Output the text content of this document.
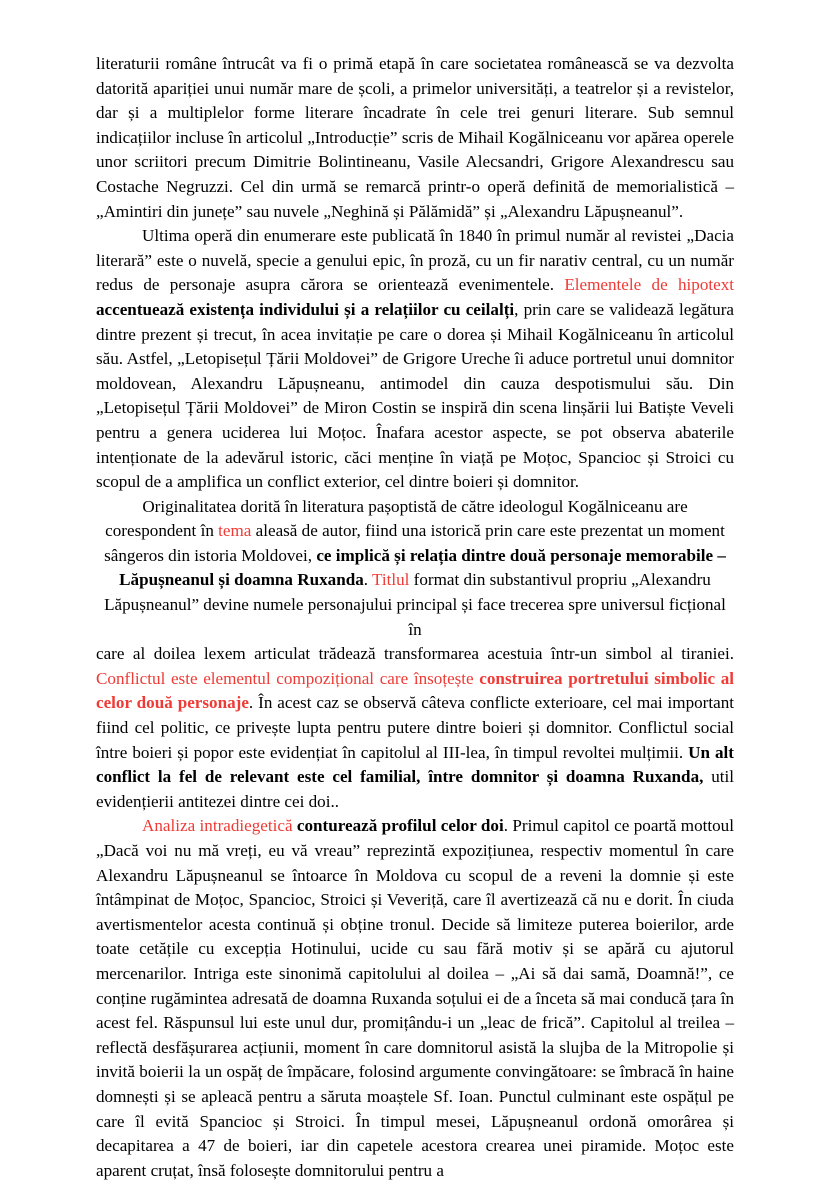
literaturii române întrucât va fi o primă etapă în care societatea românească se va dezvolta datorită apariției unui număr mare de școli, a primelor universități, a teatrelor și a revistelor, dar și a multiplelor forme literare încadrate în cele trei genuri literare. Sub semnul indicațiilor incluse în articolul „Introducție” scris de Mihail Kogălniceanu vor apărea operele unor scriitori precum Dimitrie Bolintineanu, Vasile Alecsandri, Grigore Alexandrescu sau Costache Negruzzi. Cel din urmă se remarcă printr-o operă definită de memorialistică – „Amintiri din junețe” sau nuvele „Neghină și Pălămidă” și „Alexandru Lăpușneanul”.

Ultima operă din enumerare este publicată în 1840 în primul număr al revistei „Dacia literară” este o nuvelă, specie a genului epic, în proză, cu un fir narativ central, cu un număr redus de personaje asupra cărora se orientează evenimentele. Elementele de hipotext accentuează existența individului și a relațiilor cu ceilalți, prin care se validează legătura dintre prezent și trecut, în acea invitație pe care o dorea și Mihail Kogălniceanu în articolul său. Astfel, „Letopisețul Țării Moldovei” de Grigore Ureche îi aduce portretul unui domnitor moldovean, Alexandru Lăpușneanu, antimodel din cauza despotismului său. Din „Letopisețul Țării Moldovei” de Miron Costin se inspiră din scena linșării lui Batiște Veveli pentru a genera uciderea lui Moțoc. Înafara acestor aspecte, se pot observa abaterile intenționate de la adevărul istoric, căci menține în viață pe Moțoc, Spancioc și Stroici cu scopul de a amplifica un conflict exterior, cel dintre boieri și domnitor.

Originalitatea dorită în literatura pașoptistă de către ideologul Kogălniceanu are corespondent în tema aleasă de autor, fiind una istorică prin care este prezentat un moment sângeros din istoria Moldovei, ce implică și relația dintre două personaje memorabile – Lăpușneanul și doamna Ruxanda. Titlul format din substantivul propriu „Alexandru Lăpușneanul” devine numele personajului principal și face trecerea spre universul ficțional în

care al doilea lexem articulat trădează transformarea acestuia într-un simbol al tiraniei. Conflictul este elementul compozițional care însoțește construirea portretului simbolic al celor două personaje. În acest caz se observă câteva conflicte exterioare, cel mai important fiind cel politic, ce privește lupta pentru putere dintre boieri și domnitor. Conflictul social între boieri și popor este evidențiat în capitolul al III-lea, în timpul revoltei mulțimii. Un alt conflict la fel de relevant este cel familial, între domnitor și doamna Ruxanda, util evidențierii antitezei dintre cei doi..

Analiza intradiegetică conturează profilul celor doi. Primul capitol ce poartă mottoul „Dacă voi nu mă vreți, eu vă vreau” reprezintă expozițiunea, respectiv momentul în care Alexandru Lăpușneanul se întoarce în Moldova cu scopul de a reveni la domnie și este întâmpinat de Moțoc, Spancioc, Stroici și Veveriță, care îl avertizează că nu e dorit. În ciuda avertismentelor acesta continuă și obține tronul. Decide să limiteze puterea boierilor, arde toate cetățile cu excepția Hotinului, ucide cu sau fără motiv și se apără cu ajutorul mercenarilor. Intriga este sinonimă capitolului al doilea – „Ai să dai samă, Doamnă!”, ce conține rugămintea adresată de doamna Ruxanda soțului ei de a înceta să mai conducă țara în acest fel. Răspunsul lui este unul dur, promițându-i un „leac de frică”. Capitolul al treilea – reflectă desfășurarea acțiunii, moment în care domnitorul asistă la slujba de la Mitropolie și invită boierii la un ospăț de împăcare, folosind argumente convingătoare: se îmbracă în haine domnești și se apleacă pentru a săruta moaștele Sf. Ioan. Punctul culminant este ospățul pe care îl evită Spancioc și Stroici. În timpul mesei, Lăpușneanul ordonă omorârea și decapitarea a 47 de boieri, iar din capetele acestora crearea unei piramide. Moțoc este aparent cruțat, însă folosește domnitorului pentru a
